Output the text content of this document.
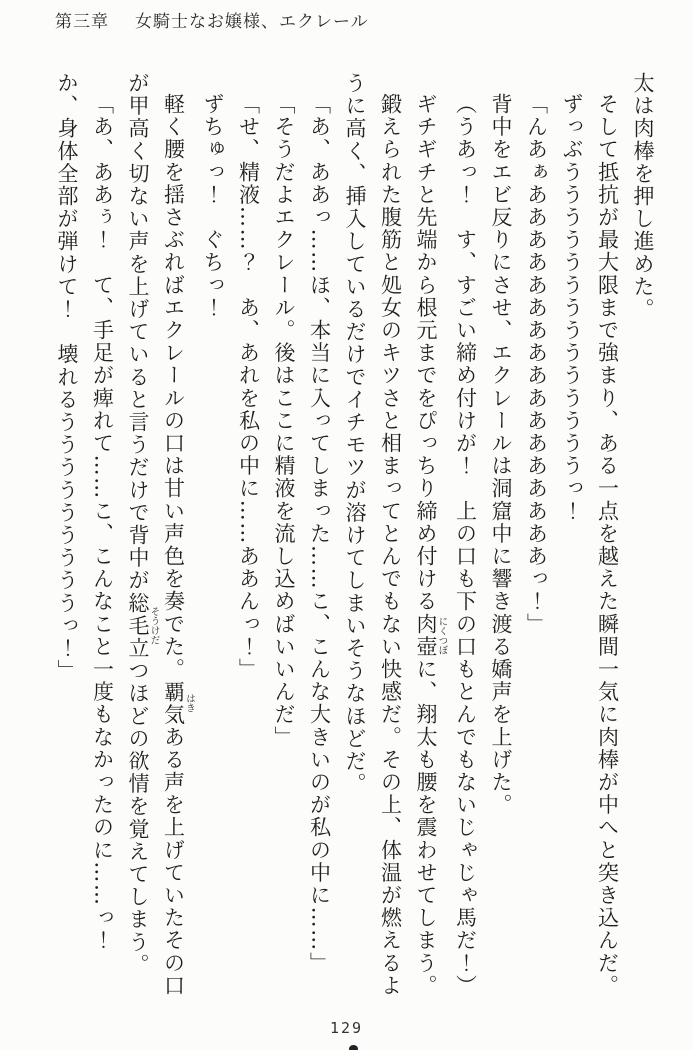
第三章 女騎士なお嬢様、エクレール

太は肉棒を押し進めた。

そして抵抗が最大限まで強まり、ある一点を越えた瞬間一気に肉棒が中へと突き込んだ。

ずっぶううううううううううううううっ！

「んあぁあああああああああああああああああっ！」

背中をエビ反りにさせ、エクレールは洞窟中に響き渡る嬌声を上げた。

（うあっ！　す、すごい締め付けが！　上の口も下の口もとんでもないじゃじゃ馬だ！）

ギチギチと先端から根元までをぴっちり締め付ける肉壺にくつぼに、翔太も腰を震わせてしまう。

鍛えられた腹筋と処女のキツさと相まってとんでもない快感だ。その上、体温が燃えるように高く、挿入しているだけでイチモツが溶けてしまいそうなほどだ。

「あ、ああっ……ほ、本当に入ってしまった……こ、こんな大きいのが私の中に……」

「そうだよエクレール。後はここに精液を流し込めばいいんだ」

「せ、精液……？　あ、あれを私の中に……ああんっ！」

ずちゅっ！　ぐちっ！

軽く腰を揺さぶればエクレールの口は甘い声色を奏でた。覇気はきある声を上げていたその口が甲高く切ない声を上げていると言うだけで背中が総毛立そうけだつほどの欲情を覚えてしまう。

「あ、ああぅ！　て、手足が痺れて……こ、こんなこと一度もなかったのに……っ！　か、身体全部が弾けて！　壊れるうううううううううっ！」

129
